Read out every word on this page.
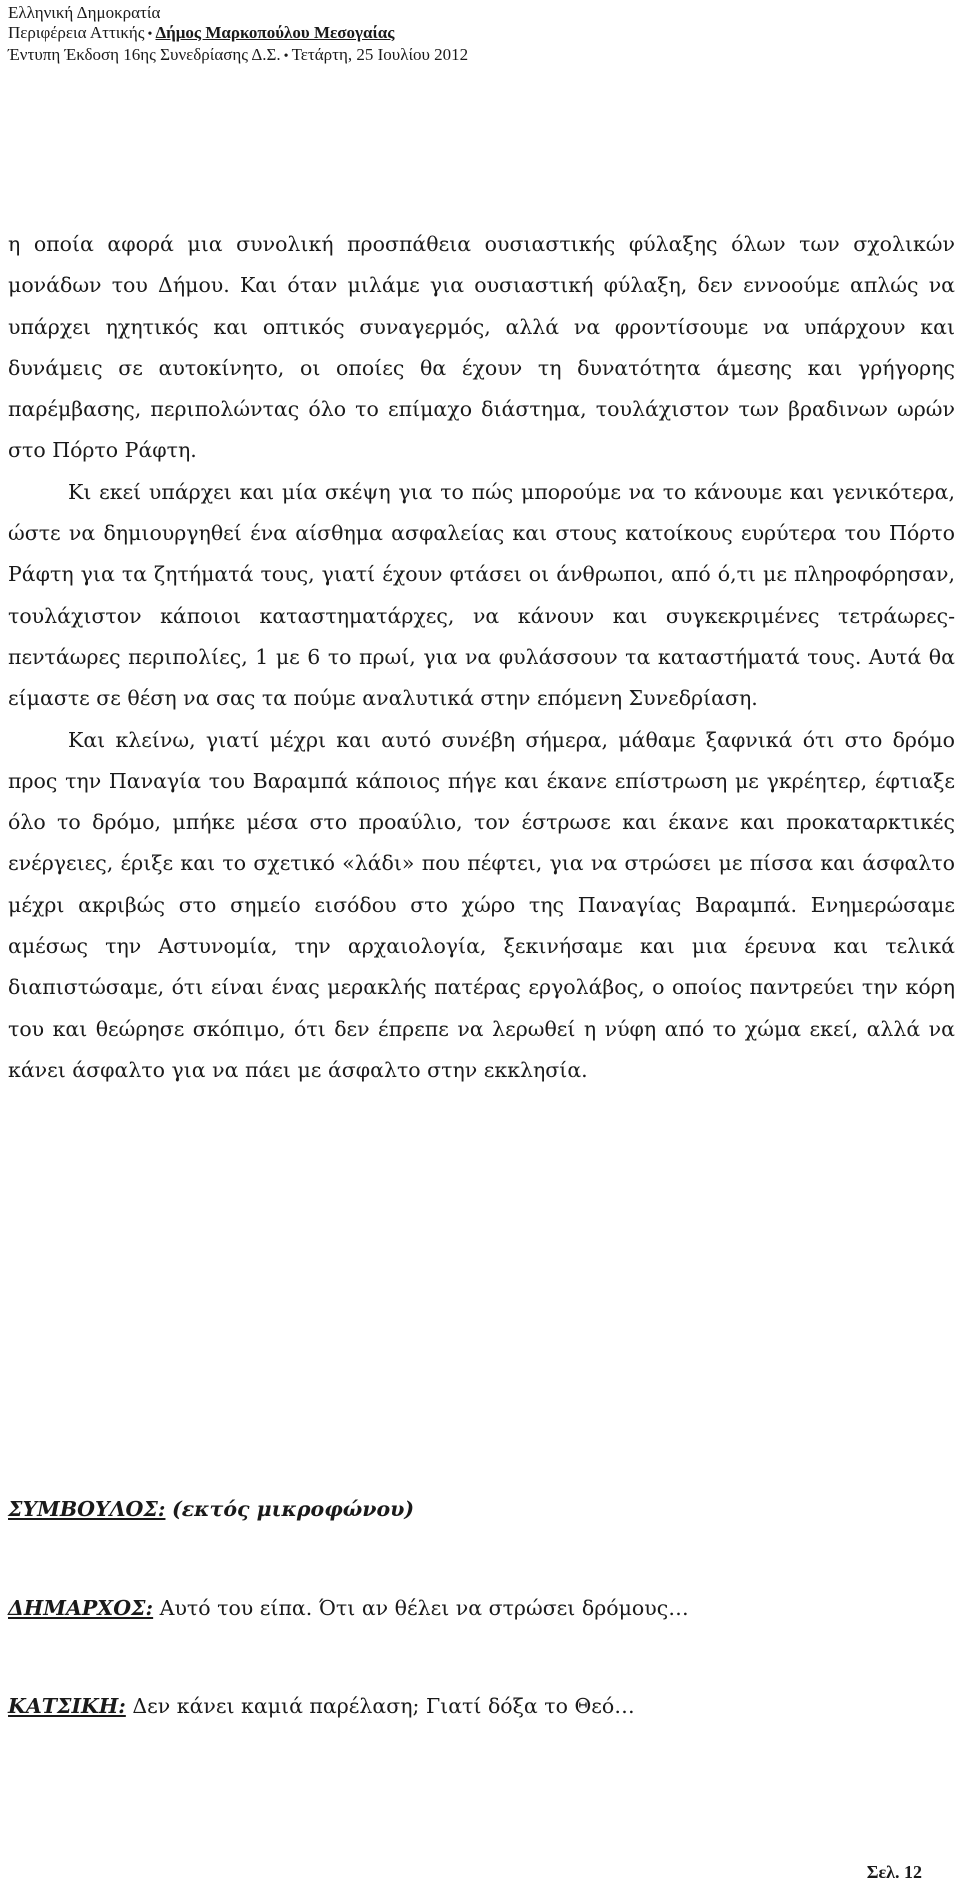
Ελληνική Δημοκρατία
Περιφέρεια Αττικής • Δήμος Μαρκοπούλου Μεσογαίας
Έντυπη Έκδοση 16ης Συνεδρίασης Δ.Σ. • Τετάρτη, 25 Ιουλίου 2012

η οποία αφορά μια συνολική προσπάθεια ουσιαστικής φύλαξης όλων των σχολικών μονάδων του Δήμου. Και όταν μιλάμε για ουσιαστική φύλαξη, δεν εννοούμε απλώς να υπάρχει ηχητικός και οπτικός συναγερμός, αλλά να φροντίσουμε να υπάρχουν και δυνάμεις σε αυτοκίνητο, οι οποίες θα έχουν τη δυνατότητα άμεσης και γρήγορης παρέμβασης, περιπολώντας όλο το επίμαχο διάστημα, τουλάχιστον των βραδινων ωρών στο Πόρτο Ράφτη.

Κι εκεί υπάρχει και μία σκέψη για το πώς μπορούμε να το κάνουμε και γενικότερα, ώστε να δημιουργηθεί ένα αίσθημα ασφαλείας και στους κατοίκους ευρύτερα του Πόρτο Ράφτη για τα ζητήματά τους, γιατί έχουν φτάσει οι άνθρωποι, από ό,τι με πληροφόρησαν, τουλάχιστον κάποιοι καταστηματάρχες, να κάνουν και συγκεκριμένες τετράωρες-πεντάωρες περιπολίες, 1 με 6 το πρωί, για να φυλάσσουν τα καταστήματά τους. Αυτά θα είμαστε σε θέση να σας τα πούμε αναλυτικά στην επόμενη Συνεδρίαση.

Και κλείνω, γιατί μέχρι και αυτό συνέβη σήμερα, μάθαμε ξαφνικά ότι στο δρόμο προς την Παναγία του Βαραμπά κάποιος πήγε και έκανε επίστρωση με γκρέητερ, έφτιαξε όλο το δρόμο, μπήκε μέσα στο προαύλιο, τον έστρωσε και έκανε και προκαταρκτικές ενέργειες, έριξε και το σχετικό «λάδι» που πέφτει, για να στρώσει με πίσσα και άσφαλτο μέχρι ακριβώς στο σημείο εισόδου στο χώρο της Παναγίας Βαραμπά. Ενημερώσαμε αμέσως την Αστυνομία, την αρχαιολογία, ξεκινήσαμε και μια έρευνα και τελικά διαπιστώσαμε, ότι είναι ένας μερακλής πατέρας εργολάβος, ο οποίος παντρεύει την κόρη του και θεώρησε σκόπιμο, ότι δεν έπρεπε να λερωθεί η νύφη από το χώμα εκεί, αλλά να κάνει άσφαλτο για να πάει με άσφαλτο στην εκκλησία.

ΣΥΜΒΟΥΛΟΣ: (εκτός μικροφώνου)
ΔΗΜΑΡΧΟΣ: Αυτό του είπα. Ότι αν θέλει να στρώσει δρόμους…
ΚΑΤΣΙΚΗ: Δεν κάνει καμιά παρέλαση; Γιατί δόξα το Θεό…
Σελ. 12
